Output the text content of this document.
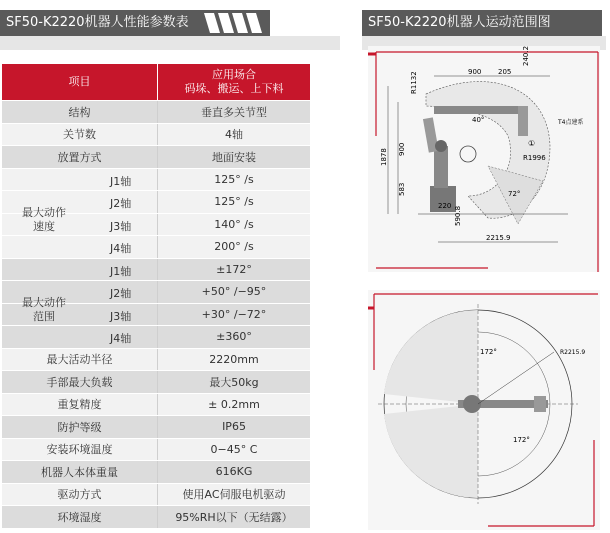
SF50-K2220机器人性能参数表	SF50-K2220机器人运动范围图
项目	应用场合
码垛、搬运、上下料

结构	垂直多关节型
关节数	4轴
放置方式	地面安装

J1轴	125° /s

J2轴	125° /s

最大动作
速度 J3轴	140° /s

J4轴	200° /s

J1轴	±172°

J2轴	+50° /−95°

最大动作
范围 J3轴	+30° /−72°

J4轴	±360°
最大活动半径	2220mm
手部最大负载	最大50kg
重复精度	± 0.2mm
防护等级	IP65
安装环境温度	0−45° C
机器人本体重量	616KG
驱动方式	使用AC伺服电机驱动
环境湿度	95%RH以下（无结露）
900 205
240.2
R1132
900
583
1878	R1996
40°
72°
220 590.8
2215.9
T4点建系
①
172°
172°
R2215.9
